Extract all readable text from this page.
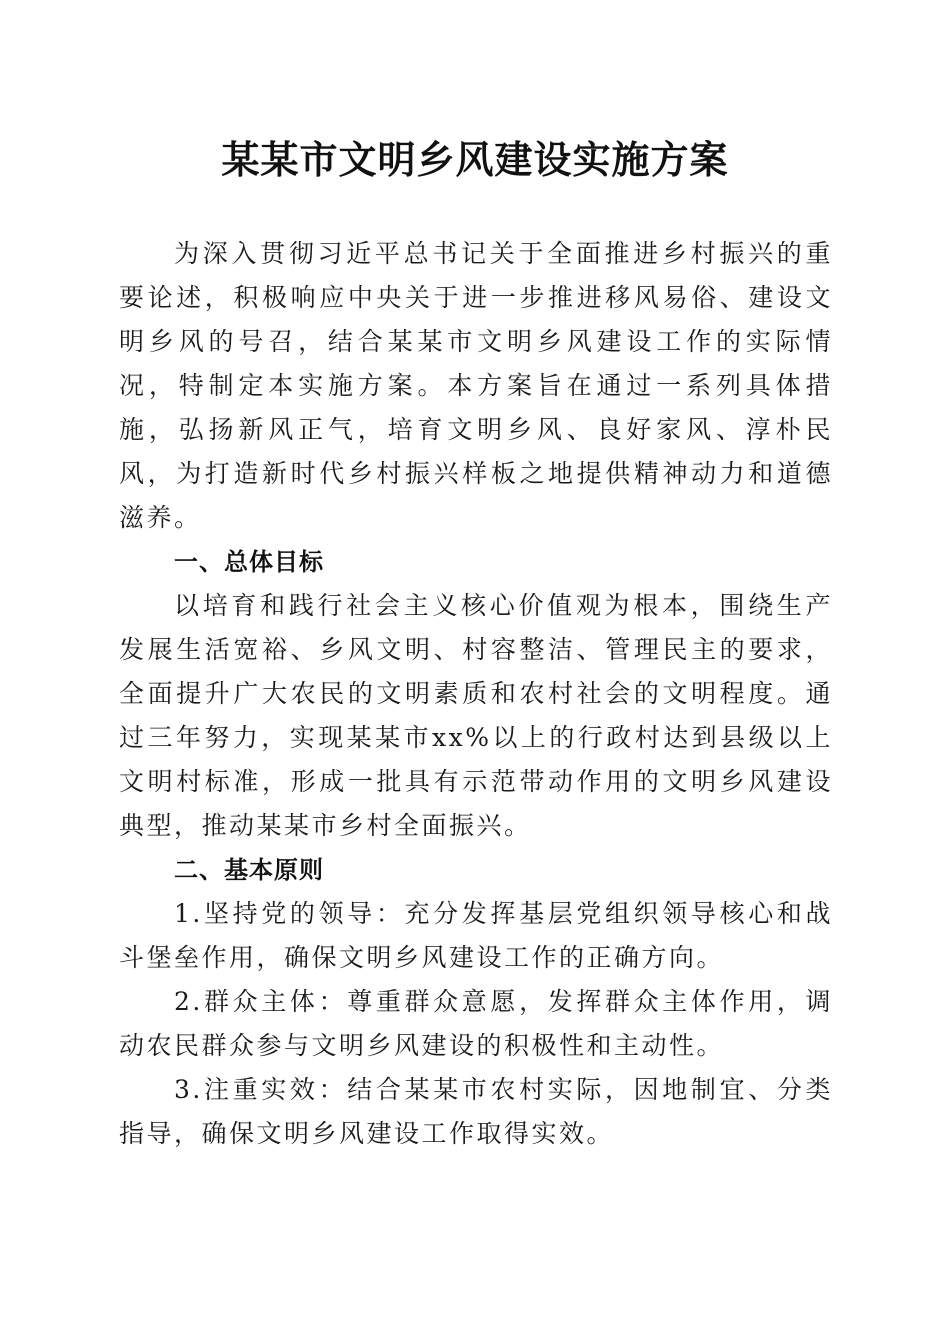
某某市文明乡风建设实施方案

为深入贯彻习近平总书记关于全面推进乡村振兴的重要论述，积极响应中央关于进一步推进移风易俗、建设文明乡风的号召，结合某某市文明乡风建设工作的实际情况，特制定本实施方案。本方案旨在通过一系列具体措施，弘扬新风正气，培育文明乡风、良好家风、淳朴民风，为打造新时代乡村振兴样板之地提供精神动力和道德滋养。

一、总体目标

以培育和践行社会主义核心价值观为根本，围绕生产发展生活宽裕、乡风文明、村容整洁、管理民主的要求，全面提升广大农民的文明素质和农村社会的文明程度。通过三年努力，实现某某市xx%以上的行政村达到县级以上文明村标准，形成一批具有示范带动作用的文明乡风建设典型，推动某某市乡村全面振兴。

二、基本原则

1.坚持党的领导：充分发挥基层党组织领导核心和战斗堡垒作用，确保文明乡风建设工作的正确方向。

2.群众主体：尊重群众意愿，发挥群众主体作用，调动农民群众参与文明乡风建设的积极性和主动性。

3.注重实效：结合某某市农村实际，因地制宜、分类指导，确保文明乡风建设工作取得实效。
